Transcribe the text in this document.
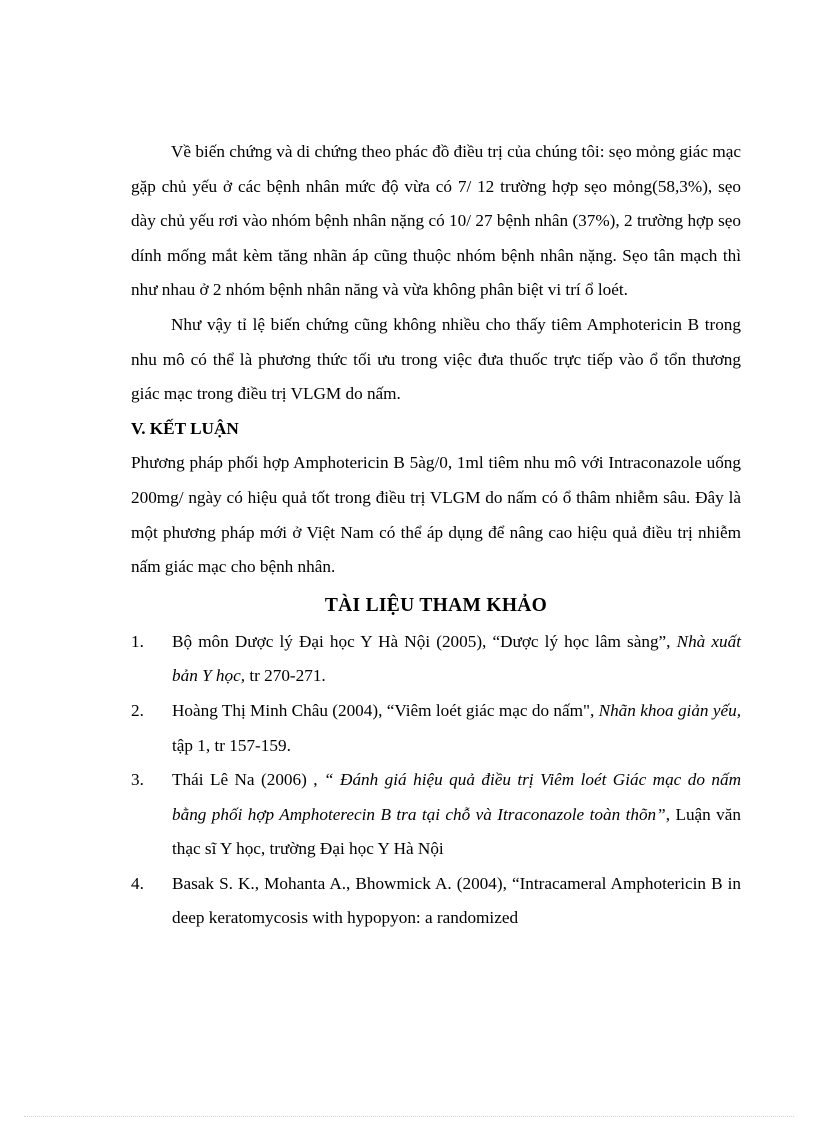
Về biến chứng và di chứng theo phác đồ điều trị của chúng tôi: sẹo mỏng giác mạc gặp chủ yếu ở các bệnh nhân mức độ vừa có 7/ 12 trường hợp sẹo mỏng(58,3%), sẹo dày chủ yếu rơi vào nhóm bệnh nhân nặng có 10/ 27 bệnh nhân (37%), 2 trường hợp sẹo dính mống mắt kèm tăng nhãn áp cũng thuộc nhóm bệnh nhân nặng. Sẹo tân mạch thì như nhau ở 2 nhóm bệnh nhân năng và vừa không phân biệt vi trí ổ loét.

Như vậy tỉ lệ biến chứng cũng không nhiều cho thấy tiêm Amphotericin B trong nhu mô có thể là phương thức tối ưu trong việc đưa thuốc trực tiếp vào ổ tổn thương giác mạc trong điều trị VLGM do nấm.

V. KẾT LUẬN

Phương pháp phối hợp Amphotericin B 5àg/0, 1ml tiêm nhu mô với Intraconazole uống 200mg/ ngày có hiệu quả tốt trong điều trị VLGM do nấm có ổ thâm nhiễm sâu. Đây là một phương pháp mới ở Việt Nam có thể áp dụng để nâng cao hiệu quả điều trị nhiễm nấm giác mạc cho bệnh nhân.

TÀI LIỆU THAM KHẢO
1. Bộ môn Dược lý Đại học Y Hà Nội (2005), “Dược lý học lâm sàng”, Nhà xuất bản Y học, tr 270-271.
2. Hoàng Thị Minh Châu (2004), “Viêm loét giác mạc do nấm", Nhãn khoa giản yếu, tập 1, tr 157-159.
3. Thái Lê Na (2006) , “ Đánh giá hiệu quả điều trị Viêm loét Giác mạc do nấm bằng phối hợp Amphoterecin B tra tại chỗ và Itraconazole toàn thõn”, Luận văn thạc sĩ Y học, trường Đại học Y Hà Nội
4. Basak S. K., Mohanta A., Bhowmick A. (2004), “Intracameral Amphotericin B in deep keratomycosis with hypopyon: a randomized
